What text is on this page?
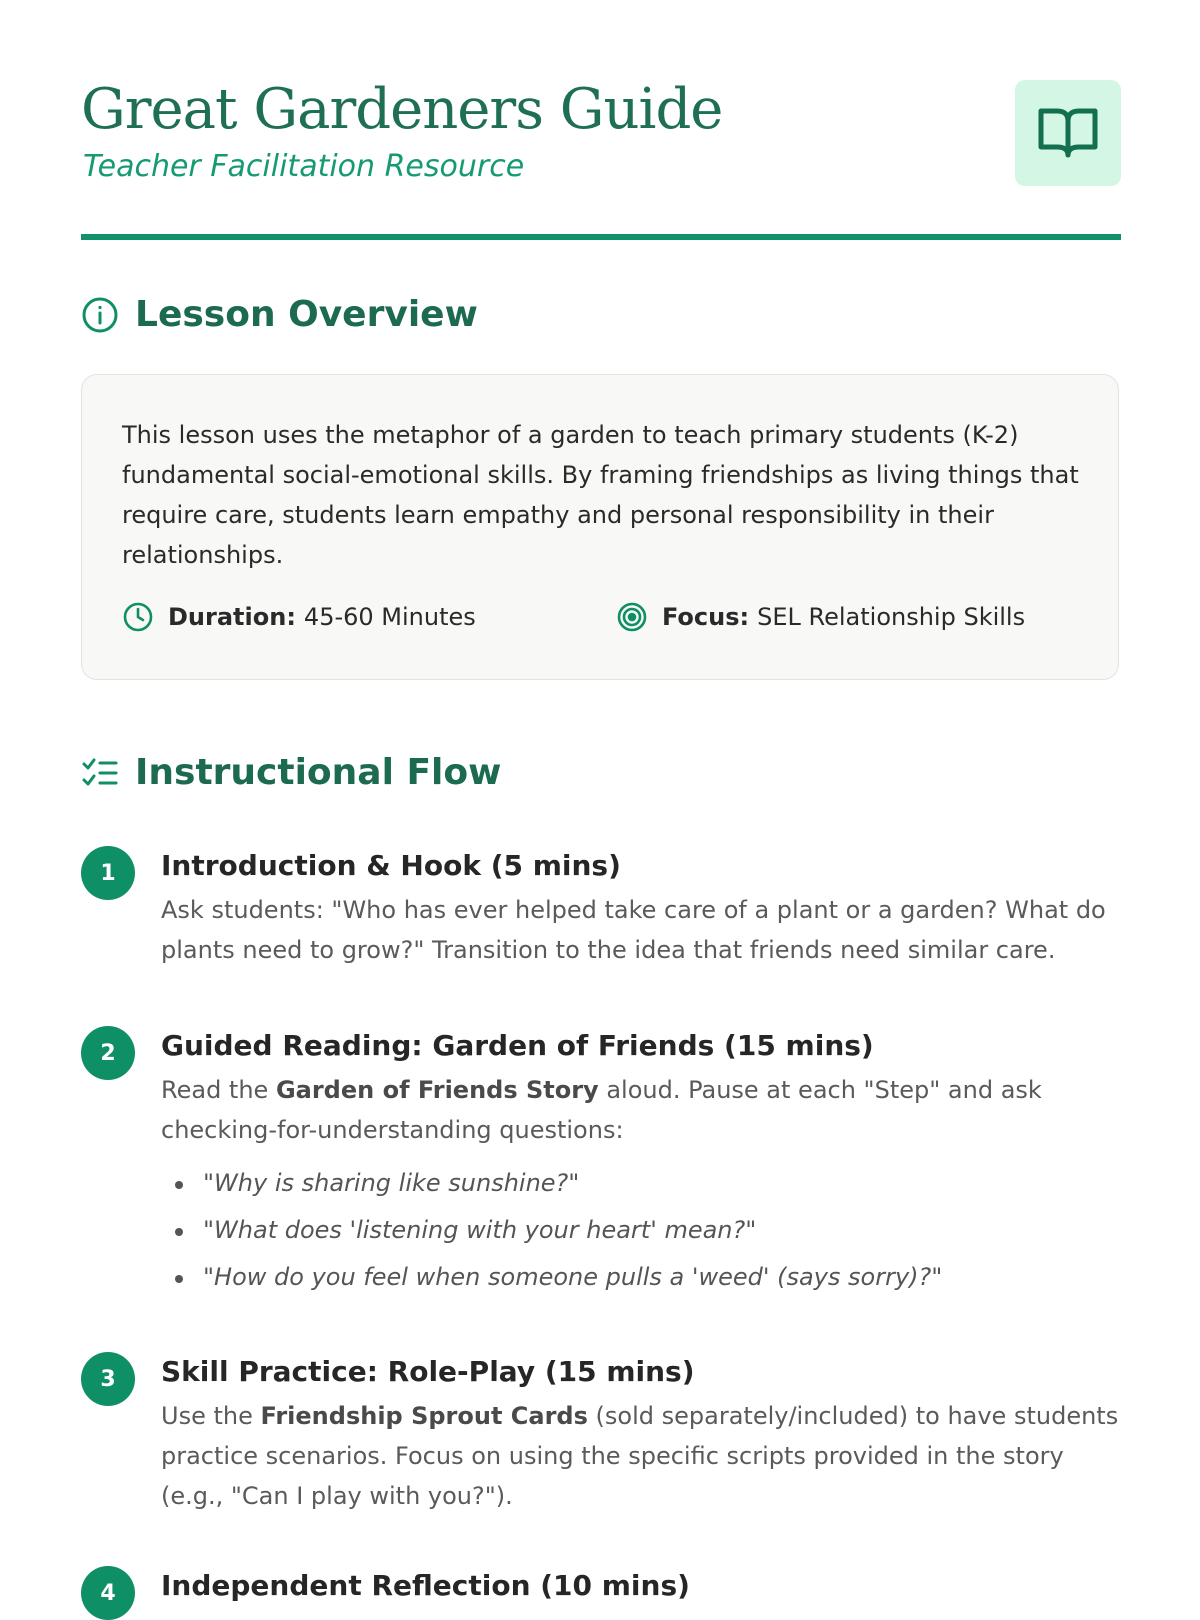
Great Gardeners Guide
Teacher Facilitation Resource
Lesson Overview
This lesson uses the metaphor of a garden to teach primary students (K-2) fundamental social-emotional skills. By framing friendships as living things that require care, students learn empathy and personal responsibility in their relationships.
Duration: 45-60 Minutes	Focus: SEL Relationship Skills
Instructional Flow
1	Introduction & Hook (5 mins)

Ask students: "Who has ever helped take care of a plant or a garden? What do plants need to grow?" Transition to the idea that friends need similar care.

2	Guided Reading: Garden of Friends (15 mins)

Read the Garden of Friends Story aloud. Pause at each "Step" and ask checking-for-understanding questions:

"Why is sharing like sunshine?"
"What does 'listening with your heart' mean?"
"How do you feel when someone pulls a 'weed' (says sorry)?"
3	Skill Practice: Role-Play (15 mins)

Use the Friendship Sprout Cards (sold separately/included) to have students practice scenarios. Focus on using the specific scripts provided in the story (e.g., "Can I play with you?").

4	Independent Reflection (10 mins)
